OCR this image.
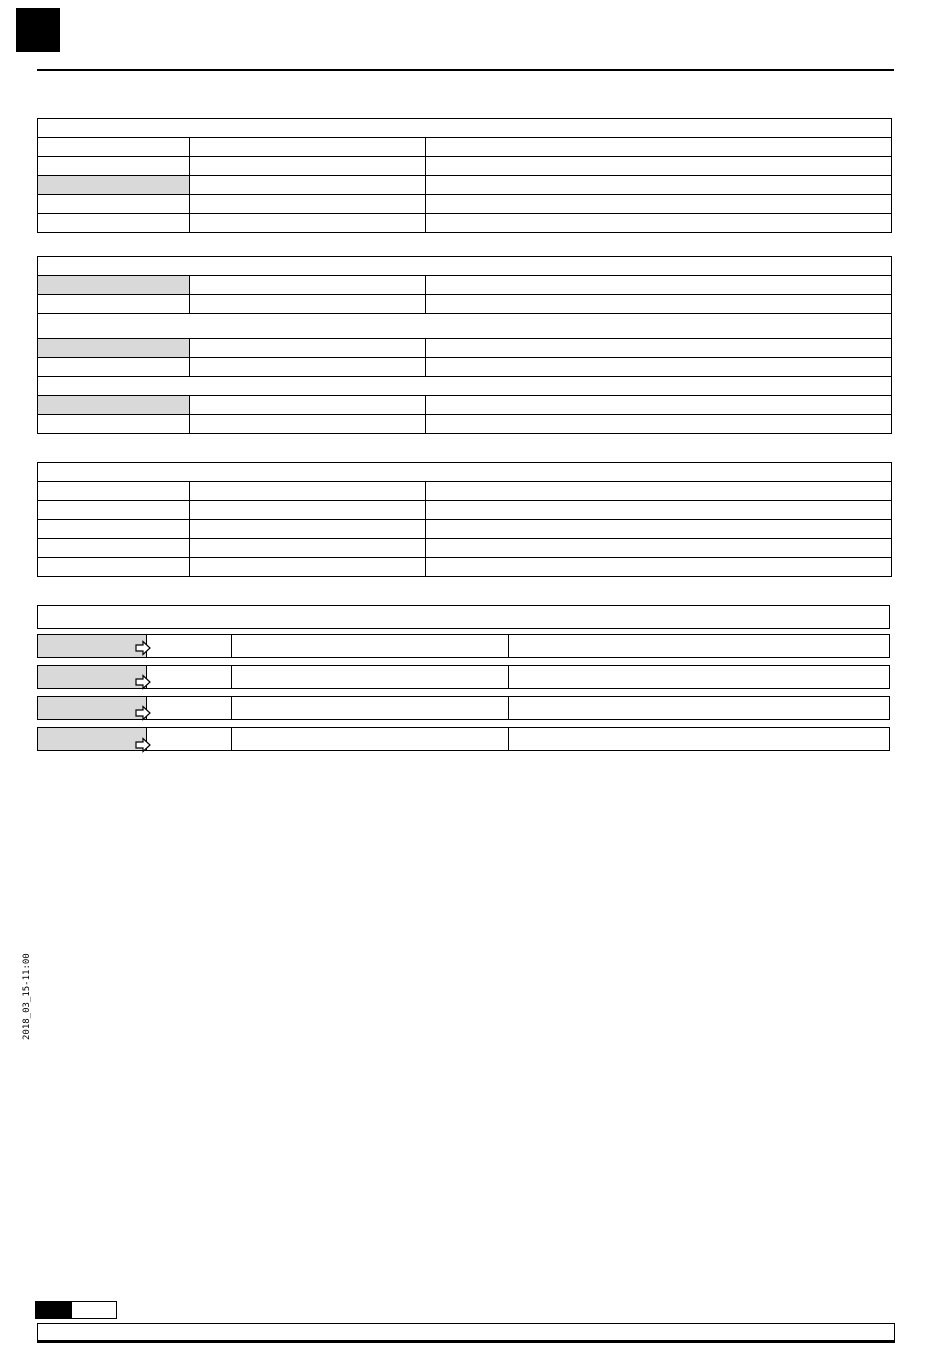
2018_03_15-11:00
